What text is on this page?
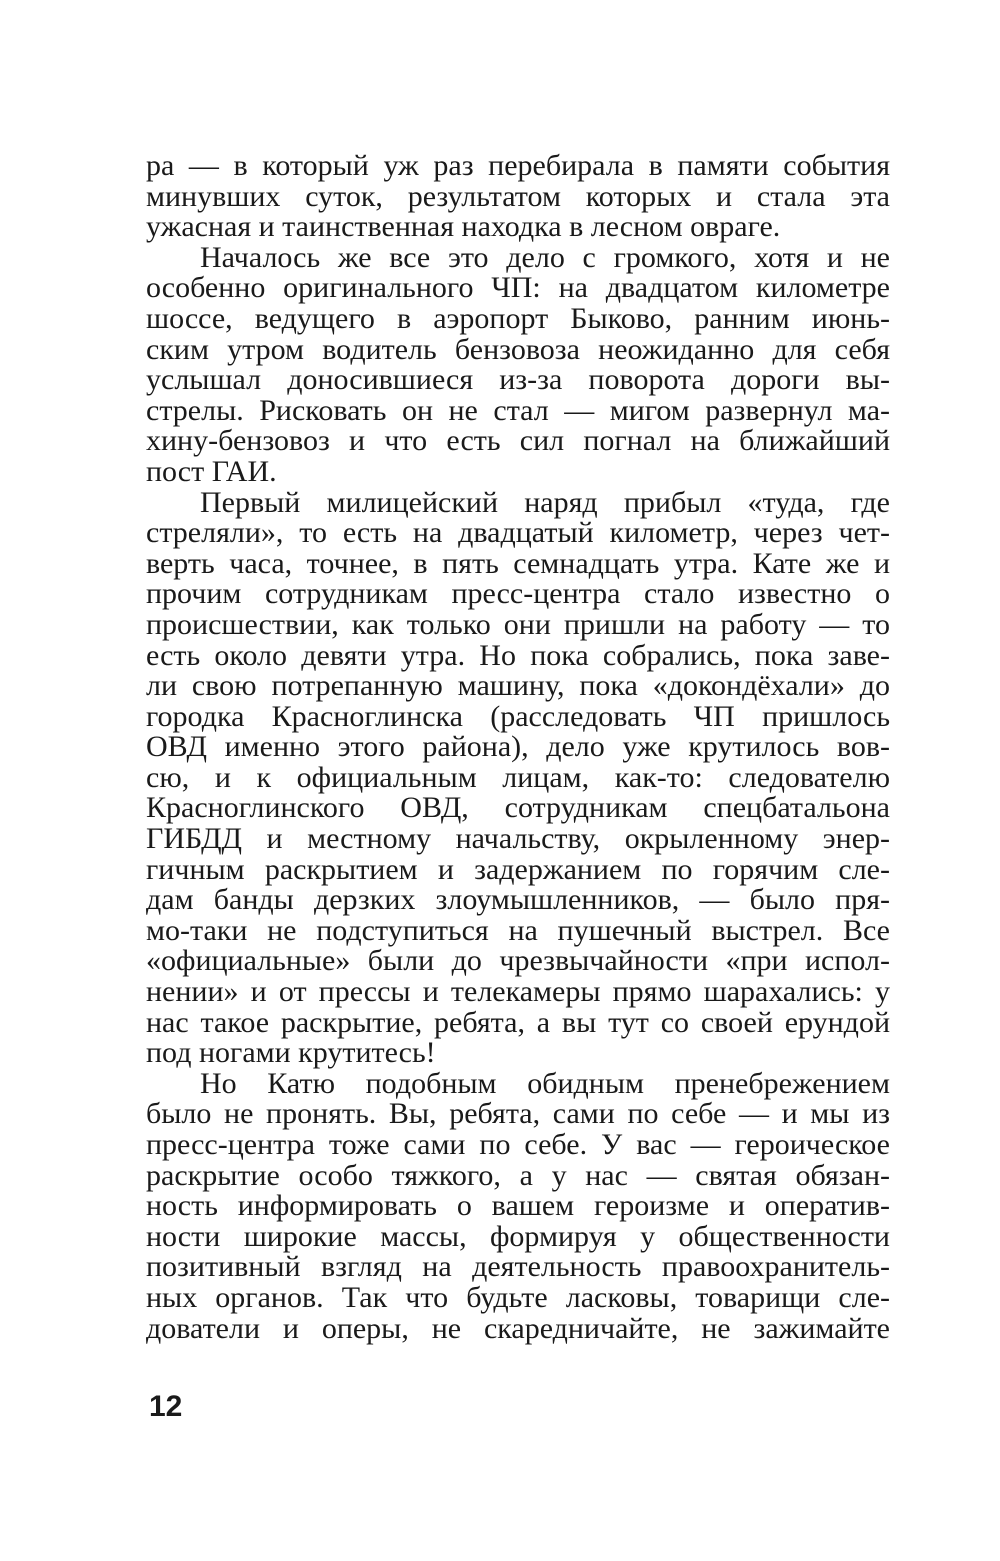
ра — в который уж раз перебирала в памяти события
минувших суток, результатом которых и стала эта
ужасная и таинственная находка в лесном овраге.
Началось же все это дело с громкого, хотя и не
особенно оригинального ЧП: на двадцатом километре
шоссе, ведущего в аэропорт Быково, ранним июнь-
ским утром водитель бензовоза неожиданно для себя
услышал доносившиеся из-за поворота дороги вы-
стрелы. Рисковать он не стал — мигом развернул ма-
хину-бензовоз и что есть сил погнал на ближайший
пост ГАИ.
Первый милицейский наряд прибыл «туда, где
стреляли», то есть на двадцатый километр, через чет-
верть часа, точнее, в пять семнадцать утра. Кате же и
прочим сотрудникам пресс-центра стало известно о
происшествии, как только они пришли на работу — то
есть около девяти утра. Но пока собрались, пока заве-
ли свою потрепанную машину, пока «докондёхали» до
городка Красноглинска (расследовать ЧП пришлось
ОВД именно этого района), дело уже крутилось вов-
сю, и к официальным лицам, как-то: следователю
Красноглинского ОВД, сотрудникам спецбатальона
ГИБДД и местному начальству, окрыленному энер-
гичным раскрытием и задержанием по горячим сле-
дам банды дерзких злоумышленников, — было пря-
мо-таки не подступиться на пушечный выстрел. Все
«официальные» были до чрезвычайности «при испол-
нении» и от прессы и телекамеры прямо шарахались: у
нас такое раскрытие, ребята, а вы тут со своей ерундой
под ногами крутитесь!
Но Катю подобным обидным пренебрежением
было не пронять. Вы, ребята, сами по себе — и мы из
пресс-центра тоже сами по себе. У вас — героическое
раскрытие особо тяжкого, а у нас — святая обязан-
ность информировать о вашем героизме и оператив-
ности широкие массы, формируя у общественности
позитивный взгляд на деятельность правоохранитель-
ных органов. Так что будьте ласковы, товарищи сле-
дователи и оперы, не скаредничайте, не зажимайте
12
